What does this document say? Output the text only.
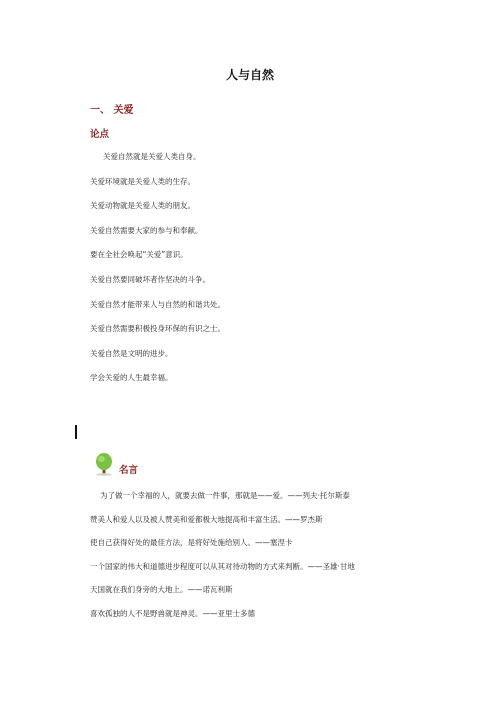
人与自然
一、 关爱
论点
关爱自然就是关爱人类自身。
关爱环境就是关爱人类的生存。
关爱动物就是关爱人类的朋友。
关爱自然需要大家的参与和奉献。
要在全社会唤起“关爱”意识。
关爱自然要同破坏者作坚决的斗争。
关爱自然才能带来人与自然的和谐共处。
关爱自然需要积极投身环保的有识之士。
关爱自然是文明的进步。
学会关爱的人生最幸福。
名言
为了做一个幸福的人，就要去做一件事，那就是——爱。——列夫·托尔斯泰
赞美人和爱人以及被人赞美和爱都极大地提高和丰富生活。——罗杰斯
使自己获得好处的最佳方法，是将好处施给别人。——塞涅卡
一个国家的伟大和道德进步程度可以从其对待动物的方式来判断。——圣雄·甘地
天国就在我们身旁的大地上。——诺瓦利斯
喜欢孤独的人不是野兽就是神灵。——亚里士多德
